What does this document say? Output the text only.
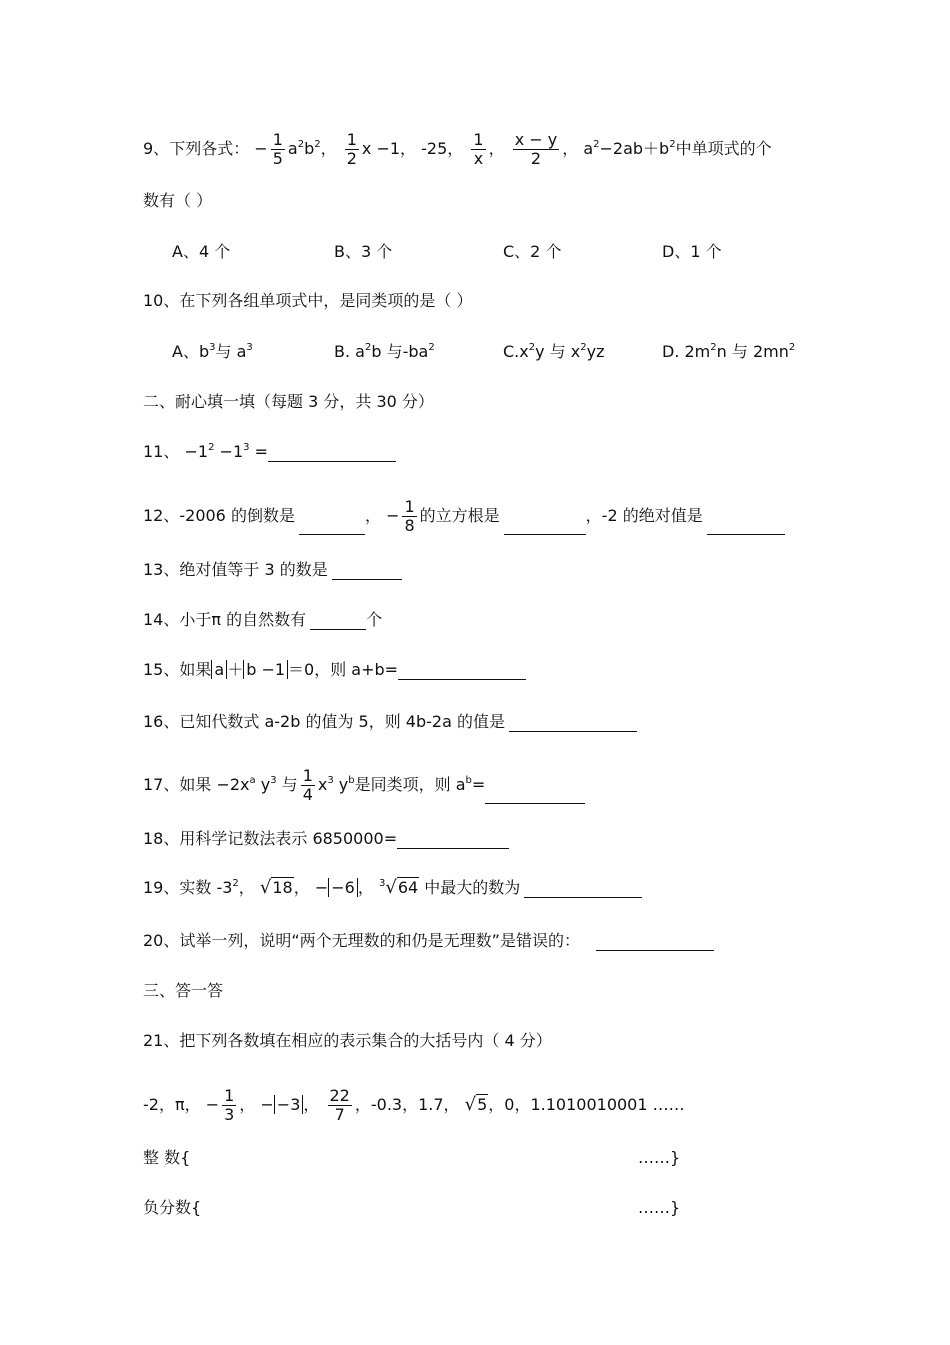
9、下列各式： − $\frac{1}{5} a^2b^2$， $\frac{1}{2}$ x −1， -25， $\frac{1}{x}$ ， $\frac{x - y}{2}$ ， $a^2-2ab+b^2$中单项式的个
数有（ ）
A、4 个	B、3 个	C、2 个	D、1 个
10、在下列各组单项式中，是同类项的是（ ）
A、$b^3$与 $a^3$	B. $a^2b$ 与$-ba^2$	$C.x^2y$ 与 $x^2yz$	D. $2m^2n$ 与 $2mn^2$
二、耐心填一填（每题 3 分，共 30 分）
11、 $-1^2 -1^3$ =
12、-2006 的倒数是	， − $\frac{1}{8}$ 的立方根是	，-2 的绝对值是
13、绝对值等于 3 的数是
14、小于π 的自然数有	个
15、如果 a ＋ b −1 ＝0，则 a+b=
16、已知代数式 a-2b 的值为 5，则 4b-2a 的值是
17、如果 $-2x^a$ $y^3$ 与 $\frac{1}{4} x^3$ $y^b$是同类项，则 $a^b=$
18、用科学记数法表示 6850000=
19、实数 $-3^2$， √18， − −6 ， $^3$√64 中最大的数为
20、试举一列，说明“两个无理数的和仍是无理数”是错误的：
三、答一答
21、把下列各数填在相应的表示集合的大括号内（ 4 分）
-2，π， − $\frac{1}{3}$ ， − −3 ， $\frac{22}{7}$ ，-0.3，1.7， √5，0，1.1010010001 ……
整 数{	……}
负分数{	……}
